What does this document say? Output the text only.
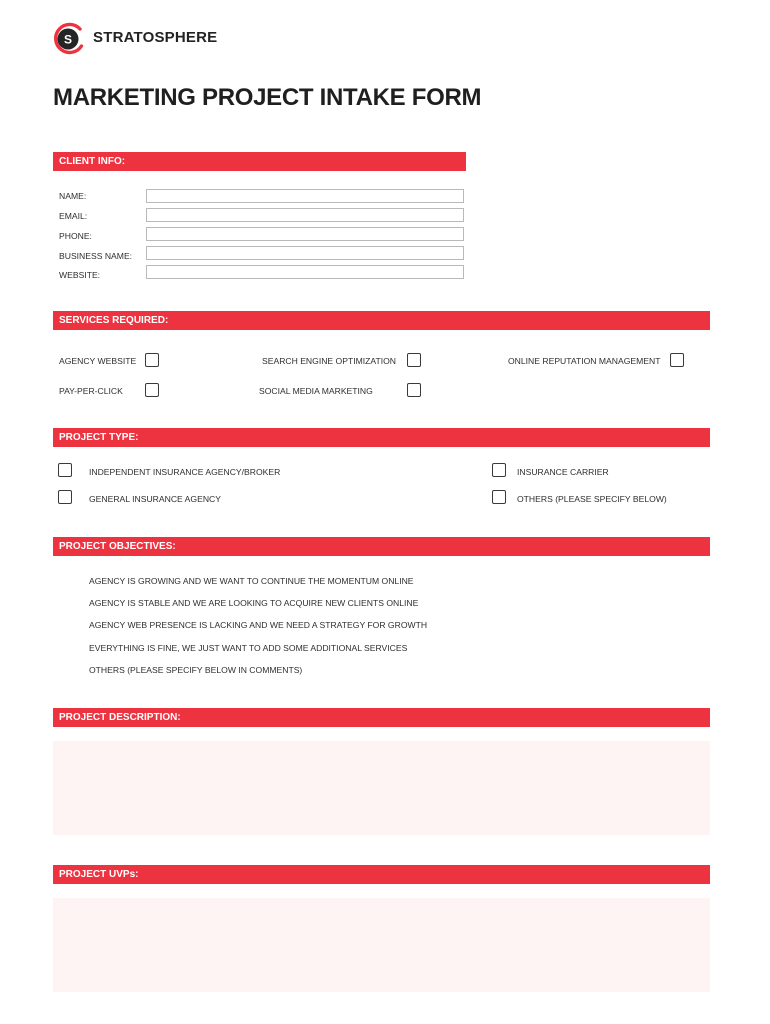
S STRATOSPHERE
MARKETING PROJECT INTAKE FORM
CLIENT INFO:
NAME:
EMAIL:
PHONE:
BUSINESS NAME:
WEBSITE:
SERVICES REQUIRED:
AGENCY WEBSITE	SEARCH ENGINE OPTIMIZATION	ONLINE REPUTATION MANAGEMENT
PAY-PER-CLICK	SOCIAL MEDIA MARKETING
PROJECT TYPE:
INDEPENDENT INSURANCE AGENCY/BROKER	INSURANCE CARRIER
GENERAL INSURANCE AGENCY	OTHERS (PLEASE SPECIFY BELOW)
PROJECT OBJECTIVES:
AGENCY IS GROWING AND WE WANT TO CONTINUE THE MOMENTUM ONLINE
AGENCY IS STABLE AND WE ARE LOOKING TO ACQUIRE NEW CLIENTS ONLINE
AGENCY WEB PRESENCE IS LACKING AND WE NEED A STRATEGY FOR GROWTH
EVERYTHING IS FINE, WE JUST WANT TO ADD SOME ADDITIONAL SERVICES
OTHERS (PLEASE SPECIFY BELOW IN COMMENTS)
PROJECT DESCRIPTION:
PROJECT UVPs:
